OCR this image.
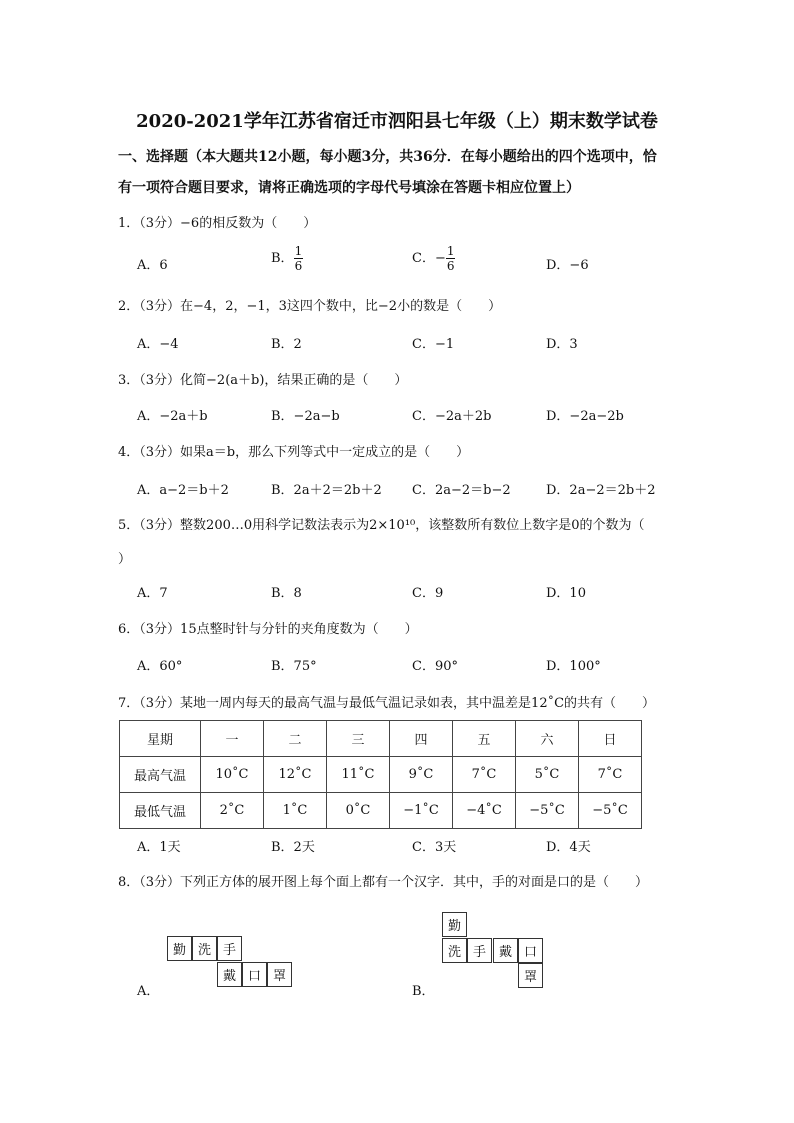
2020-2021学年江苏省宿迁市泗阳县七年级（上）期末数学试卷
一、选择题（本大题共12小题，每小题3分，共36分．在每小题给出的四个选项中，恰
有一项符合题目要求，请将正确选项的字母代号填涂在答题卡相应位置上）
1．（3分）−6的相反数为（　　）
A．6	B． $\frac{1}{6}$	C．− $\frac{1}{6}$	D．−6
2．（3分）在−4，2，−1，3这四个数中，比−2小的数是（　　）
A．−4	B．2	C．−1	D．3
3．（3分）化简−2(a＋b)，结果正确的是（　　）
A．−2a＋b	B．−2a−b	C．−2a＋2b	D．−2a−2b
4．（3分）如果a＝b，那么下列等式中一定成立的是（　　）
A．a−2＝b＋2	B．2a＋2＝2b＋2 C．2a−2＝b−2	D．2a−2＝2b＋2
5．（3分）整数200…0用科学记数法表示为2×10¹⁰，该整数所有数位上数字是0的个数为（
）
A．7	B．8	C．9	D．10
6．（3分）15点整时针与分针的夹角度数为（　　）
A．60°	B．75°	C．90°	D．100°
7．（3分）某地一周内每天的最高气温与最低气温记录如表，其中温差是12˚C的共有（　　）
星期	一	二	三	四	五	六	日
最高气温	10˚C	12˚C	11˚C	9˚C	7˚C	5˚C	7˚C
最低气温	2˚C	1˚C	0˚C	−1˚C	−4˚C	−5˚C	−5˚C
A．1天	B．2天	C．3天	D．4天
8．（3分）下列正方体的展开图上每个面上都有一个汉字．其中，手的对面是口的是（　　）
勤 洗 手
戴 口 罩
A．
勤
洗 手 戴 口
罩
B．
